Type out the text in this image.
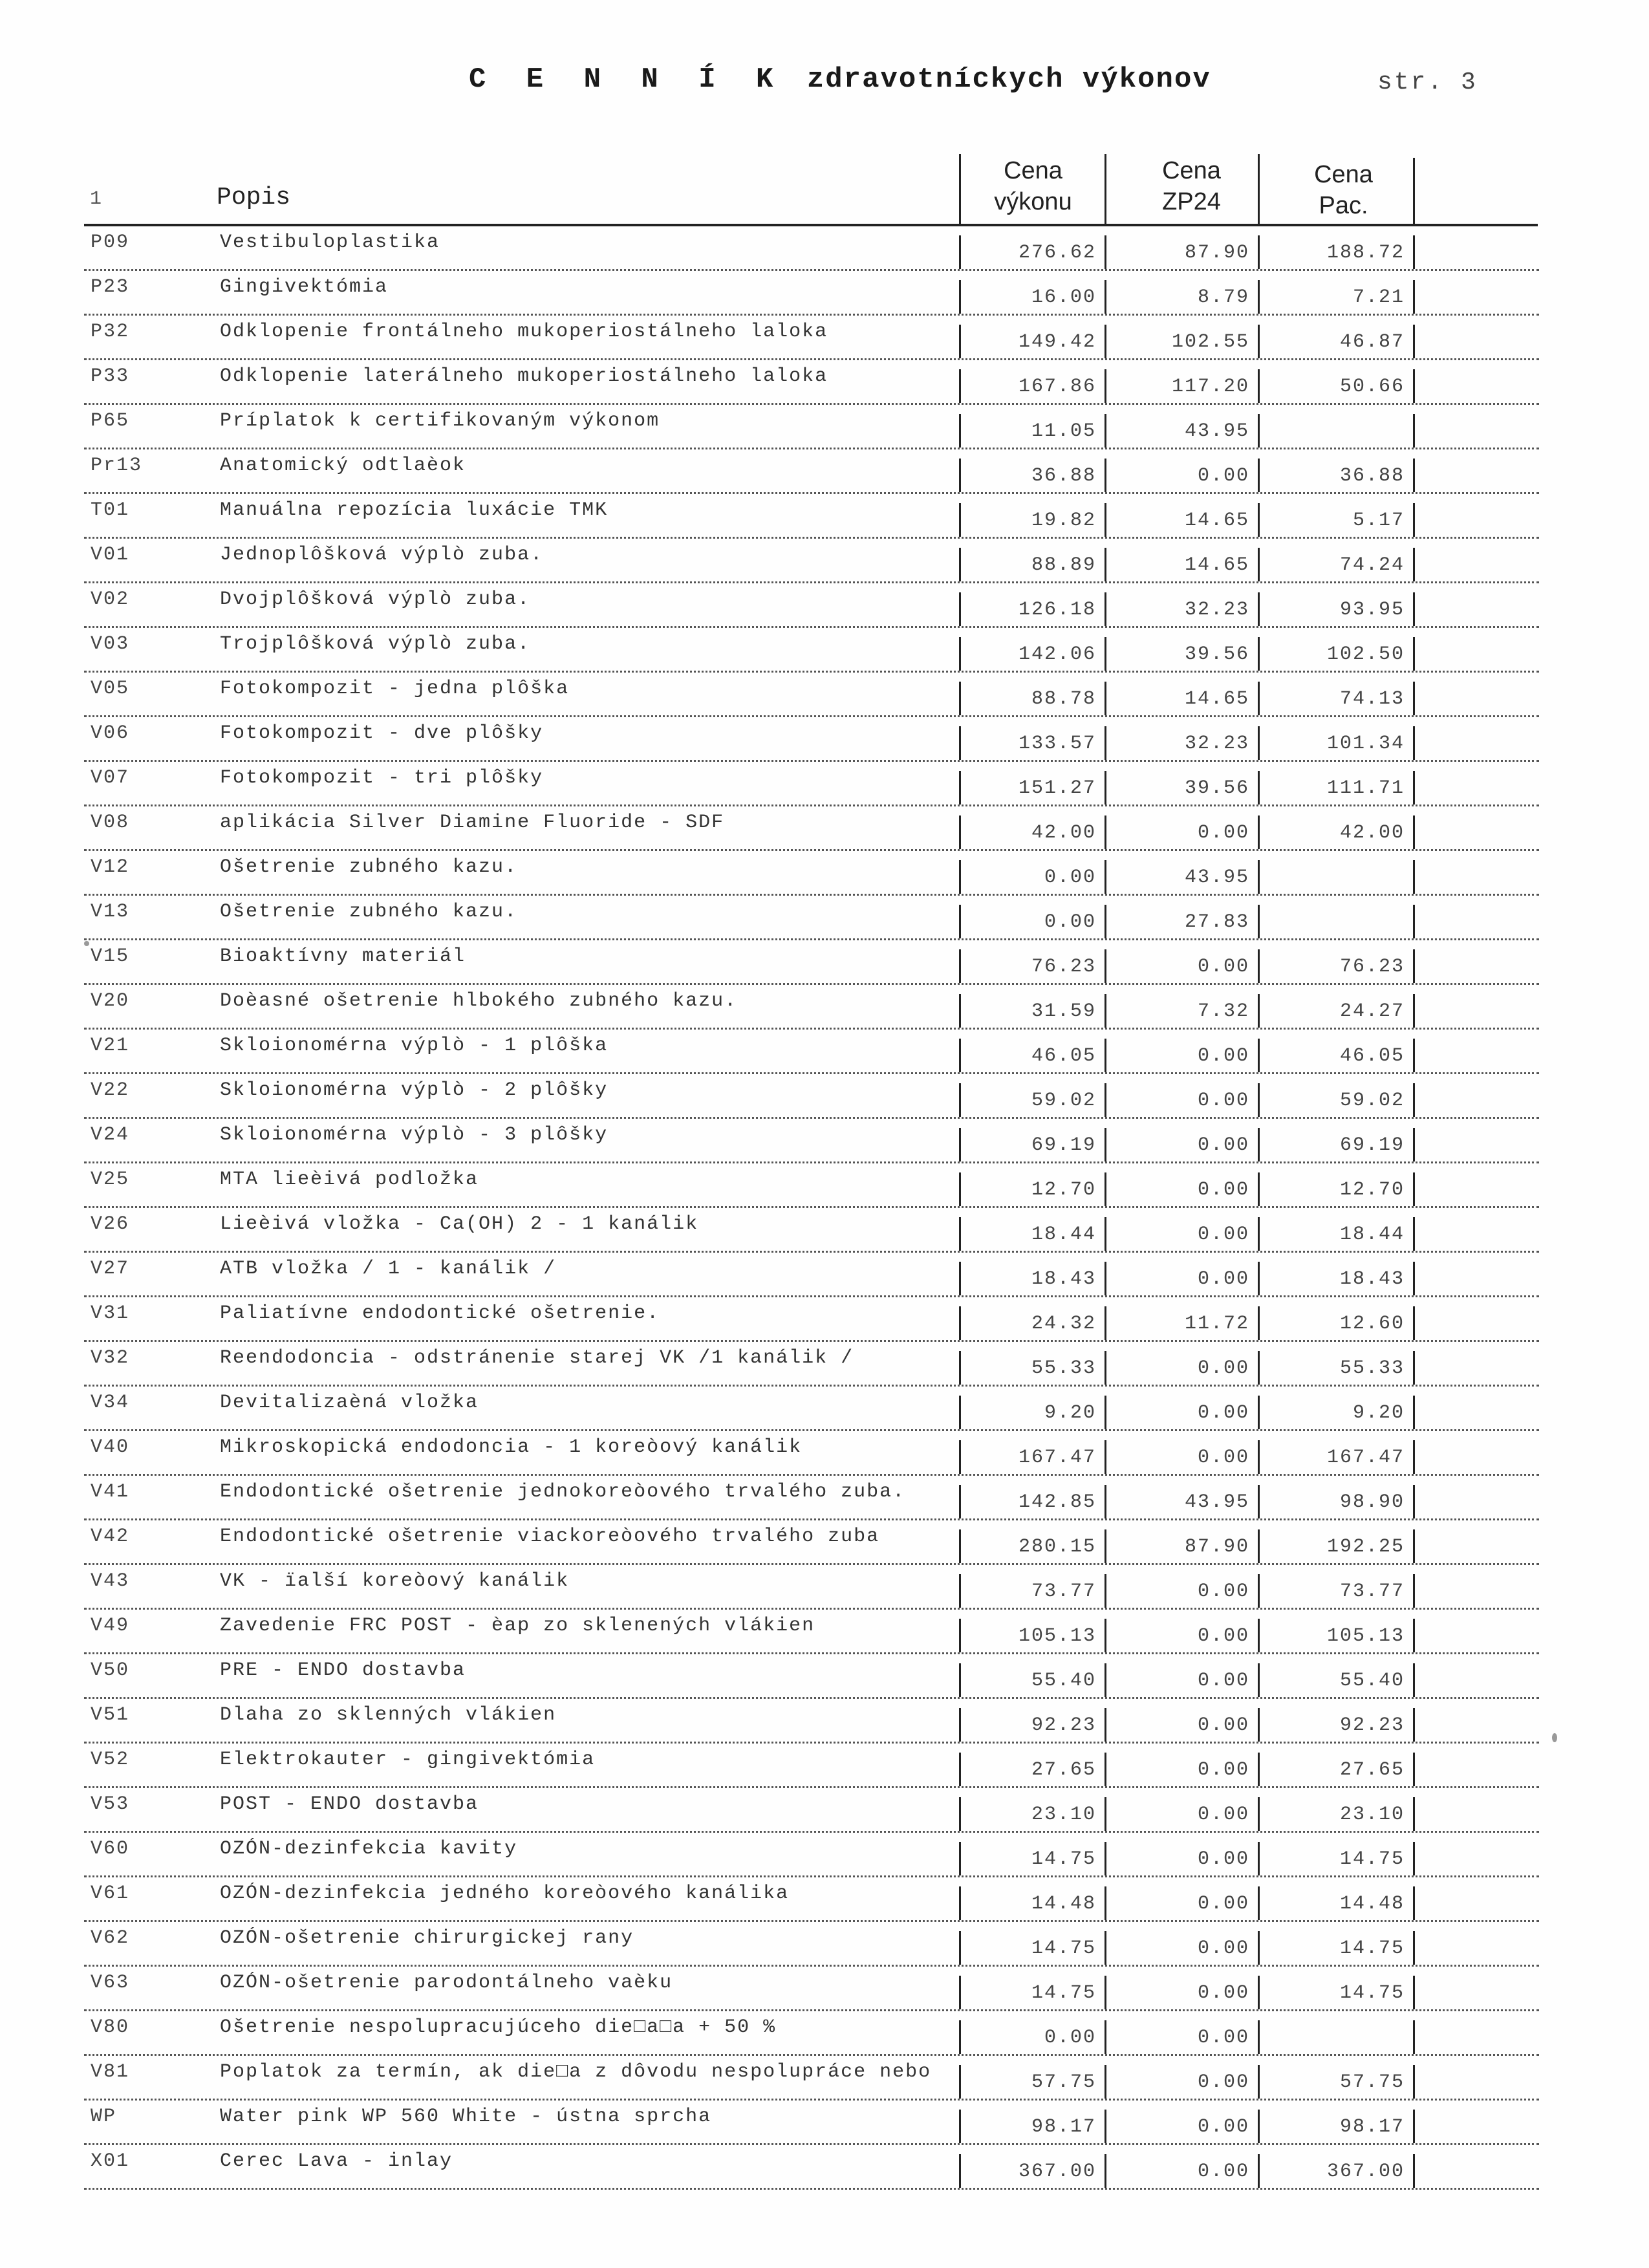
C E N N Í K zdravotníckych výkonov	str. 3
1	Popis
Cena
výkonu
Cena
ZP24
Cena
Pac.
P09	Vestibuloplastika	276.62	87.90	188.72
P23	Gingivektómia	16.00	8.79	7.21
P32	Odklopenie frontálneho mukoperiostálneho laloka	149.42	102.55	46.87
P33	Odklopenie laterálneho mukoperiostálneho laloka	167.86	117.20	50.66
P65	Príplatok k certifikovaným výkonom	11.05	43.95
Pr13	Anatomický odtlaèok	36.88	0.00	36.88
T01	Manuálna repozícia luxácie TMK	19.82	14.65	5.17
V01	Jednoplôšková výplò zuba.	88.89	14.65	74.24
V02	Dvojplôšková výplò zuba.	126.18	32.23	93.95
V03	Trojplôšková výplò zuba.	142.06	39.56	102.50
V05	Fotokompozit - jedna plôška	88.78	14.65	74.13
V06	Fotokompozit - dve plôšky	133.57	32.23	101.34
V07	Fotokompozit - tri plôšky	151.27	39.56	111.71
V08	aplikácia Silver Diamine Fluoride - SDF	42.00	0.00	42.00
V12	Ošetrenie zubného kazu.	0.00	43.95
V13	Ošetrenie zubného kazu.	0.00	27.83
V15	Bioaktívny materiál	76.23	0.00	76.23
V20	Doèasné ošetrenie hlbokého zubného kazu.	31.59	7.32	24.27
V21	Skloionomérna výplò - 1 plôška	46.05	0.00	46.05
V22	Skloionomérna výplò - 2 plôšky	59.02	0.00	59.02
V24	Skloionomérna výplò - 3 plôšky	69.19	0.00	69.19
V25	MTA lieèivá podložka	12.70	0.00	12.70
V26	Lieèivá vložka - Ca(OH) 2 - 1 kanálik	18.44	0.00	18.44
V27	ATB vložka / 1 - kanálik /	18.43	0.00	18.43
V31	Paliatívne endodontické ošetrenie.	24.32	11.72	12.60
V32	Reendodoncia - odstránenie starej VK /1 kanálik /	55.33	0.00	55.33
V34	Devitalizaèná vložka	9.20	0.00	9.20
V40	Mikroskopická endodoncia - 1 koreòový kanálik	167.47	0.00	167.47
V41	Endodontické ošetrenie jednokoreòového trvalého zuba.	142.85	43.95	98.90
V42	Endodontické ošetrenie viackoreòového trvalého zuba	280.15	87.90	192.25
V43	VK - ïalší koreòový kanálik	73.77	0.00	73.77
V49	Zavedenie FRC POST - èap zo sklenených vlákien	105.13	0.00	105.13
V50	PRE - ENDO dostavba	55.40	0.00	55.40
V51	Dlaha zo sklenných vlákien	92.23	0.00	92.23
V52	Elektrokauter - gingivektómia	27.65	0.00	27.65
V53	POST - ENDO dostavba	23.10	0.00	23.10
V60	OZÓN-dezinfekcia kavity	14.75	0.00	14.75
V61	OZÓN-dezinfekcia jedného koreòového kanálika	14.48	0.00	14.48
V62	OZÓN-ošetrenie chirurgickej rany	14.75	0.00	14.75
V63	OZÓN-ošetrenie parodontálneho vaèku	14.75	0.00	14.75
V80	Ošetrenie nespolupracujúceho die□a□a + 50 %	0.00	0.00
V81	Poplatok za termín, ak die□a z dôvodu nespolupráce nebo	57.75	0.00	57.75
WP	Water pink WP 560 White - ústna sprcha	98.17	0.00	98.17
X01	Cerec Lava - inlay	367.00	0.00	367.00
